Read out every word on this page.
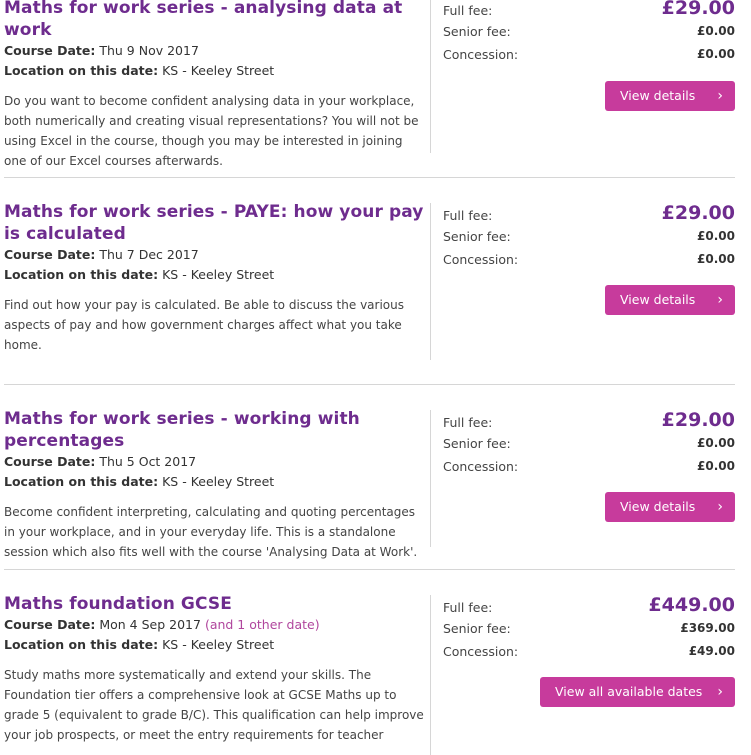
Maths for work series - analysing data at work

Course Date: Thu 9 Nov 2017

Location on this date: KS - Keeley Street

Do you want to become confident analysing data in your workplace, both numerically and creating visual representations? You will not be using Excel in the course, though you may be interested in joining one of our Excel courses afterwards.

Full fee:	£29.00
Senior fee:	£0.00
Concession:	£0.00
View details ›
Maths for work series - PAYE: how your pay is calculated

Course Date: Thu 7 Dec 2017

Location on this date: KS - Keeley Street

Find out how your pay is calculated. Be able to discuss the various aspects of pay and how government charges affect what you take home.

Full fee:	£29.00
Senior fee:	£0.00
Concession:	£0.00
View details ›
Maths for work series - working with percentages

Course Date: Thu 5 Oct 2017

Location on this date: KS - Keeley Street

Become confident interpreting, calculating and quoting percentages in your workplace, and in your everyday life. This is a standalone session which also fits well with the course 'Analysing Data at Work'.

Full fee:	£29.00
Senior fee:	£0.00
Concession:	£0.00
View details ›
Maths foundation GCSE

Course Date: Mon 4 Sep 2017 (and 1 other date)

Location on this date: KS - Keeley Street

Study maths more systematically and extend your skills. The Foundation tier offers a comprehensive look at GCSE Maths up to grade 5 (equivalent to grade B/C). This qualification can help improve your job prospects, or meet the entry requirements for teacher

Full fee:	£449.00
Senior fee:	£369.00
Concession:	£49.00
View all available dates ›
